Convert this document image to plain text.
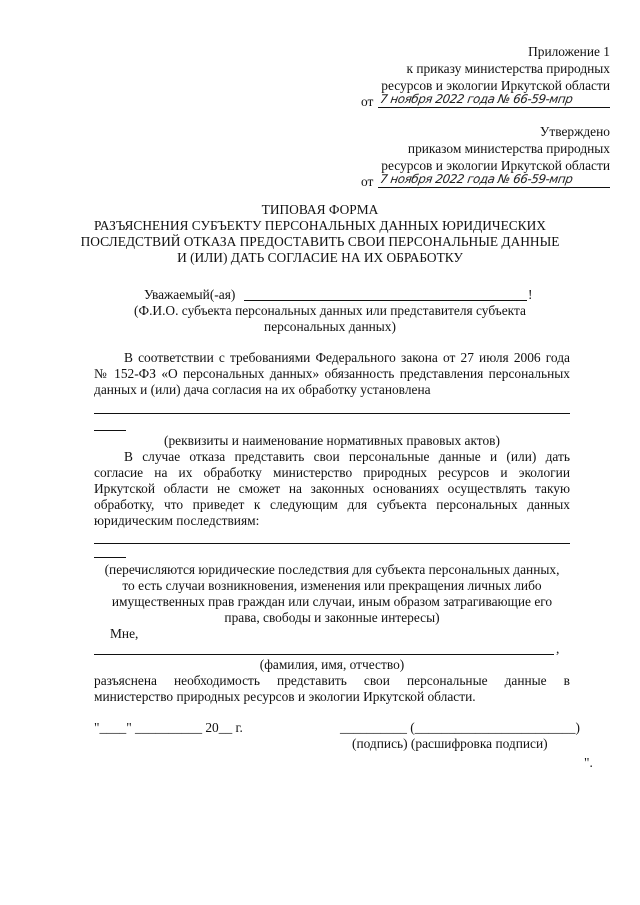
Приложение 1
к приказу министерства природных
ресурсов и экологии Иркутской области
от 7 ноября 2022 года № 66-59-мпр
Утверждено
приказом министерства природных
ресурсов и экологии Иркутской области
от 7 ноября 2022 года № 66-59-мпр
ТИПОВАЯ ФОРМА
РАЗЪЯСНЕНИЯ СУБЪЕКТУ ПЕРСОНАЛЬНЫХ ДАННЫХ ЮРИДИЧЕСКИХ
ПОСЛЕДСТВИЙ ОТКАЗА ПРЕДОСТАВИТЬ СВОИ ПЕРСОНАЛЬНЫЕ ДАННЫЕ
И (ИЛИ) ДАТЬ СОГЛАСИЕ НА ИХ ОБРАБОТКУ
Уважаемый(-ая)	!
(Ф.И.О. субъекта персональных данных или представителя субъекта
персональных данных)
В соответствии с требованиями Федерального закона от 27 июля 2006 года
№ 152-ФЗ «О персональных данных» обязанность представления персональных
данных и (или) дача согласия на их обработку установлена
(реквизиты и наименование нормативных правовых актов)
В случае отказа представить свои персональные данные и (или) дать
согласие на их обработку министерство природных ресурсов и экологии
Иркутской области не сможет на законных основаниях осуществлять такую
обработку, что приведет к следующим для субъекта персональных данных
юридическим последствиям:
(перечисляются юридические последствия для субъекта персональных данных,
то есть случаи возникновения, изменения или прекращения личных либо
имущественных прав граждан или случаи, иным образом затрагивающие его
права, свободы и законные интересы)
Мне,
,
(фамилия, имя, отчество)
разъяснена необходимость представить свои персональные данные в
министерство природных ресурсов и экологии Иркутской области.
"____" __________ 20__ г.	__________ (________________________)
(подпись) (расшифровка подписи)
".
